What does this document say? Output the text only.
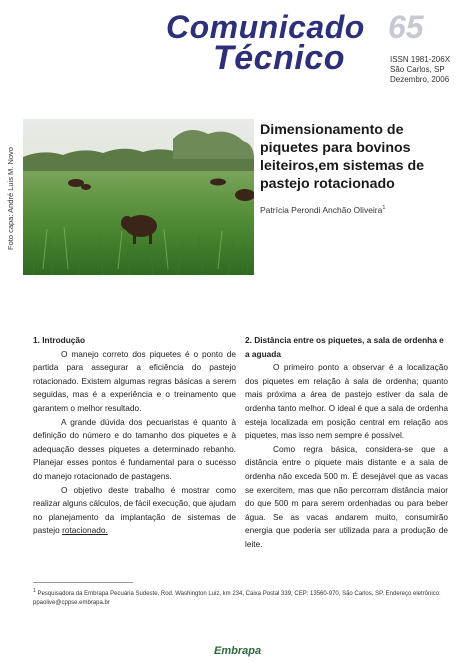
Comunicado
Técnico
65
ISSN 1981-206X
São Carlos, SP
Dezembro, 2006
Foto capa: André Luis M. Novo
Dimensionamento de piquetes para bovinos leiteiros,em sistemas de pastejo rotacionado
Patrícia Perondi Anchão Oliveira$^1$
1. Introdução

O manejo correto dos piquetes é o ponto de partida para assegurar a eficiência do pastejo rotacionado. Existem algumas regras básicas a serem seguidas, mas é a experiência e o treinamento que garantem o melhor resultado.

A grande dúvida dos pecuaristas é quanto à definição do número e do tamanho dos piquetes e à adequação desses piquetes a determinado rebanho. Planejar esses pontos é fundamental para o sucesso do manejo rotacionado de pastagens.

O objetivo deste trabalho é mostrar como realizar alguns cálculos, de fácil execução, que ajudam no planejamento da implantação de sistemas de pastejo rotacionado.

2. Distância entre os piquetes, a sala de ordenha e a aguada

O primeiro ponto a observar é a localização dos piquetes em relação à sala de ordenha; quanto mais próxima a área de pastejo estiver da sala de ordenha tanto melhor. O ideal é que a sala de ordenha esteja localizada em posição central em relação aos piquetes, mas isso nem sempre é possível.

Como regra básica, considera-se que a distância entre o piquete mais distante e a sala de ordenha não exceda 500 m. É desejável que as vacas se exercitem, mas que não percorram distância maior do que 500 m para serem ordenhadas ou para beber água. Se as vacas andarem muito, consumirão energia que poderia ser utilizada para a produção de leite.

$^1$ Pesquisadora da Embrapa Pecuária Sudeste, Rod. Washington Luiz, km 234, Caixa Postal 339, CEP: 13560-970, São Carlos, SP. Endereço eletrônico: ppaolive@cppse.embrapa.br
Embrapa
